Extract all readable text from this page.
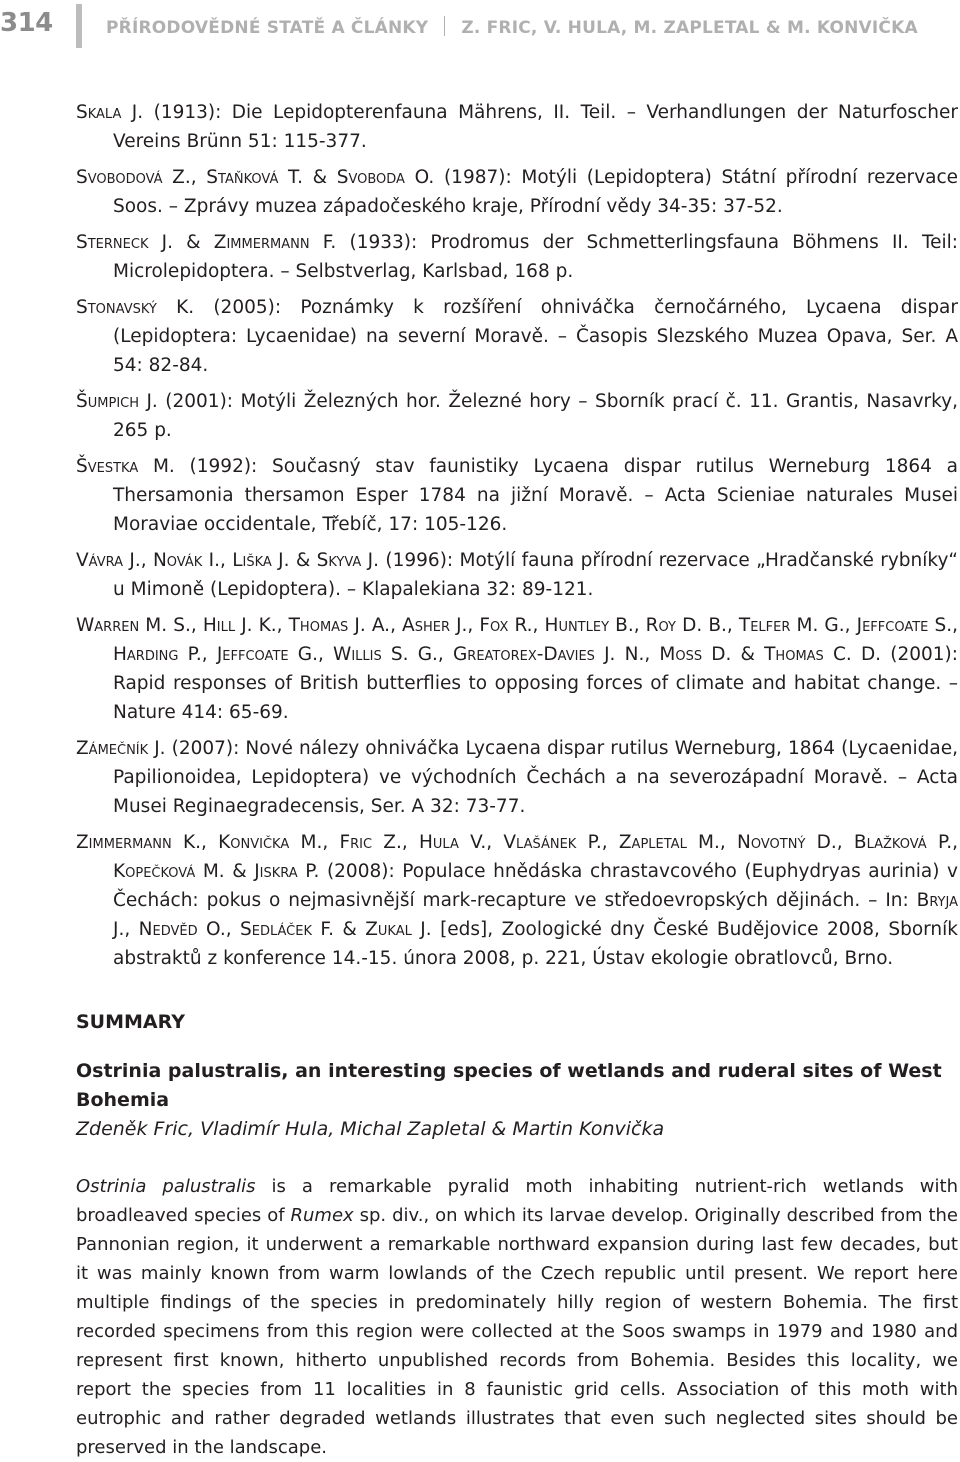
314	PŘÍRODOVĚDNÉ STATĚ A ČLÁNKY Z. FRIC, V. HULA, M. ZAPLETAL & M. KONVIČKA
Skala J. (1913): Die Lepidopterenfauna Mährens, II. Teil. – Verhandlungen der Naturfoscher Vereins Brünn 51: 115-377.
Svobodová Z., Staňková T. & Svoboda O. (1987): Motýli (Lepidoptera) Státní přírodní rezervace Soos. – Zprávy muzea západočeského kraje, Přírodní vědy 34-35: 37-52.
Sterneck J. & Zimmermann F. (1933): Prodromus der Schmetterlingsfauna Böhmens II. Teil: Microlepidoptera. – Selbstverlag, Karlsbad, 168 p.
Stonavský K. (2005): Poznámky k rozšíření ohniváčka černočárného, Lycaena dispar (Lepidoptera: Lycaenidae) na severní Moravě. – Časopis Slezského Muzea Opava, Ser. A 54: 82-84.
Šumpich J. (2001): Motýli Železných hor. Železné hory – Sborník prací č. 11. Grantis, Nasavrky, 265 p.
Švestka M. (1992): Současný stav faunistiky Lycaena dispar rutilus Werneburg 1864 a Thersamonia thersamon Esper 1784 na jižní Moravě. – Acta Scieniae naturales Musei Moraviae occidentale, Třebíč, 17: 105-126.
Vávra J., Novák I., Liška J. & Skyva J. (1996): Motýlí fauna přírodní rezervace „Hradčanské rybníky“ u Mimoně (Lepidoptera). – Klapalekiana 32: 89-121.
Warren M. S., Hill J. K., Thomas J. A., Asher J., Fox R., Huntley B., Roy D. B., Telfer M. G., Jeffcoate S., Harding P., Jeffcoate G., Willis S. G., Greatorex-Davies J. N., Moss D. & Thomas C. D. (2001): Rapid responses of British butterflies to opposing forces of climate and habitat change. – Nature 414: 65-69.
Zámečník J. (2007): Nové nálezy ohniváčka Lycaena dispar rutilus Werneburg, 1864 (Lycaenidae, Papilionoidea, Lepidoptera) ve východních Čechách a na severozápadní Moravě. – Acta Musei Reginaegradecensis, Ser. A 32: 73-77.
Zimmermann K., Konvička M., Fric Z., Hula V., Vlašánek P., Zapletal M., Novotný D., Blažková P., Kopečková M. & Jiskra P. (2008): Populace hnědáska chrastavcového (Euphydryas aurinia) v Čechách: pokus o nejmasivnější mark-recapture ve středoevropských dějinách. – In: Bryja J., Nedvěd O., Sedláček F. & Zukal J. [eds], Zoologické dny České Budějovice 2008, Sborník abstraktů z konference 14.-15. února 2008, p. 221, Ústav ekologie obratlovců, Brno.
SUMMARY
Ostrinia palustralis, an interesting species of wetlands and ruderal sites of West Bohemia

Zdeněk Fric, Vladimír Hula, Michal Zapletal & Martin Konvička

Ostrinia palustralis is a remarkable pyralid moth inhabiting nutrient-rich wetlands with broadleaved species of Rumex sp. div., on which its larvae develop. Originally described from the Pannonian region, it underwent a remarkable northward expansion during last few decades, but it was mainly known from warm lowlands of the Czech republic until present. We report here multiple findings of the species in predominately hilly region of western Bohemia. The first recorded specimens from this region were collected at the Soos swamps in 1979 and 1980 and represent first known, hitherto unpublished records from Bohemia. Besides this locality, we report the species from 11 localities in 8 faunistic grid cells. Association of this moth with eutrophic and rather degraded wetlands illustrates that even such neglected sites should be preserved in the landscape.
